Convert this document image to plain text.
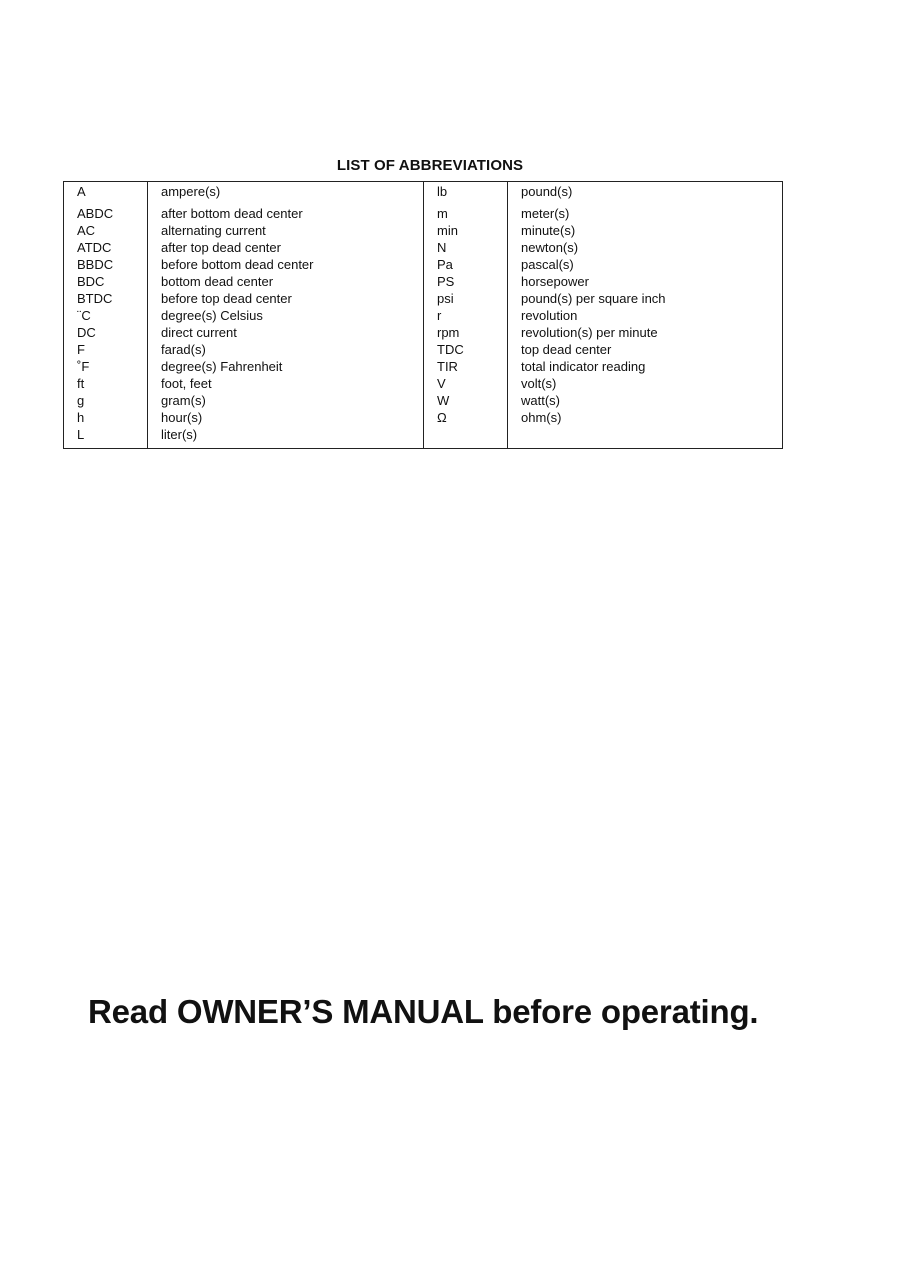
LIST OF ABBREVIATIONS
A
ABDC
AC
ATDC
BBDC
BDC
BTDC
¨C
DC
F
˚F
ft
g
h
L
ampere(s)
after bottom dead center
alternating current
after top dead center
before bottom dead center
bottom dead center
before top dead center
degree(s) Celsius
direct current
farad(s)
degree(s) Fahrenheit
foot, feet
gram(s)
hour(s)
liter(s)
lb
m
min
N
Pa
PS
psi
r
rpm
TDC
TIR
V
W
Ω
pound(s)
meter(s)
minute(s)
newton(s)
pascal(s)
horsepower
pound(s) per square inch
revolution
revolution(s) per minute
top dead center
total indicator reading
volt(s)
watt(s)
ohm(s)
Read OWNER’S MANUAL before operating.
